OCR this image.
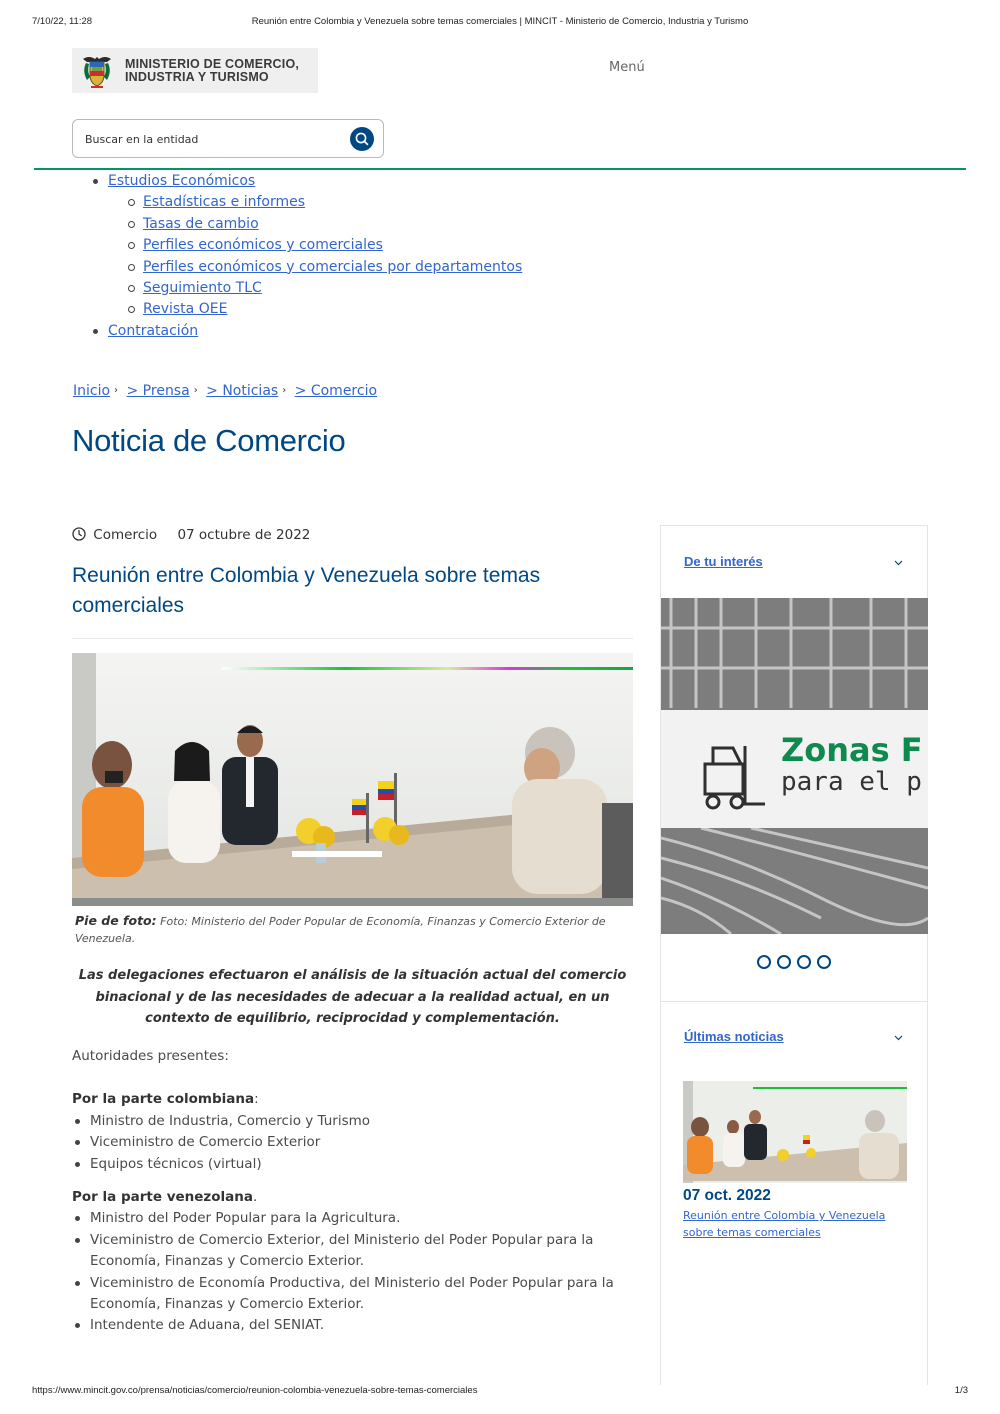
7/10/22, 11:28	Reunión entre Colombia y Venezuela sobre temas comerciales | MINCIT - Ministerio de Comercio, Industria y Turismo
MINISTERIO DE COMERCIO,
INDUSTRIA Y TURISMO
Menú
Buscar en la entidad
Estudios Económicos
Estadísticas e informes
Tasas de cambio
Perfiles económicos y comerciales
Perfiles económicos y comerciales por departamentos
Seguimiento TLC
Revista OEE
Contratación
Inicio › > Prensa › > Noticias › > Comercio
Noticia de Comercio
Comercio 07 octubre de 2022
Reunión entre Colombia y Venezuela sobre temas comerciales
Pie de foto: Foto: Ministerio del Poder Popular de Economía, Finanzas y Comercio Exterior de Venezuela.
Las delegaciones efectuaron el análisis de la situación actual del comercio binacional y de las necesidades de adecuar a la realidad actual, en un contexto de equilibrio, reciprocidad y complementación.

Autoridades presentes:

Por la parte colombiana:

Ministro de Industria, Comercio y Turismo
Viceministro de Comercio Exterior
Equipos técnicos (virtual)

Por la parte venezolana.

Ministro del Poder Popular para la Agricultura.
Viceministro de Comercio Exterior, del Ministerio del Poder Popular para la Economía, Finanzas y Comercio Exterior.
Viceministro de Economía Productiva, del Ministerio del Poder Popular para la Economía, Finanzas y Comercio Exterior.
Intendente de Aduana, del SENIAT.
De tu interés
Zonas F
para el p
Últimas noticias
07 oct. 2022
Reunión entre Colombia y Venezuela sobre temas comerciales
https://www.mincit.gov.co/prensa/noticias/comercio/reunion-colombia-venezuela-sobre-temas-comerciales	1/3
